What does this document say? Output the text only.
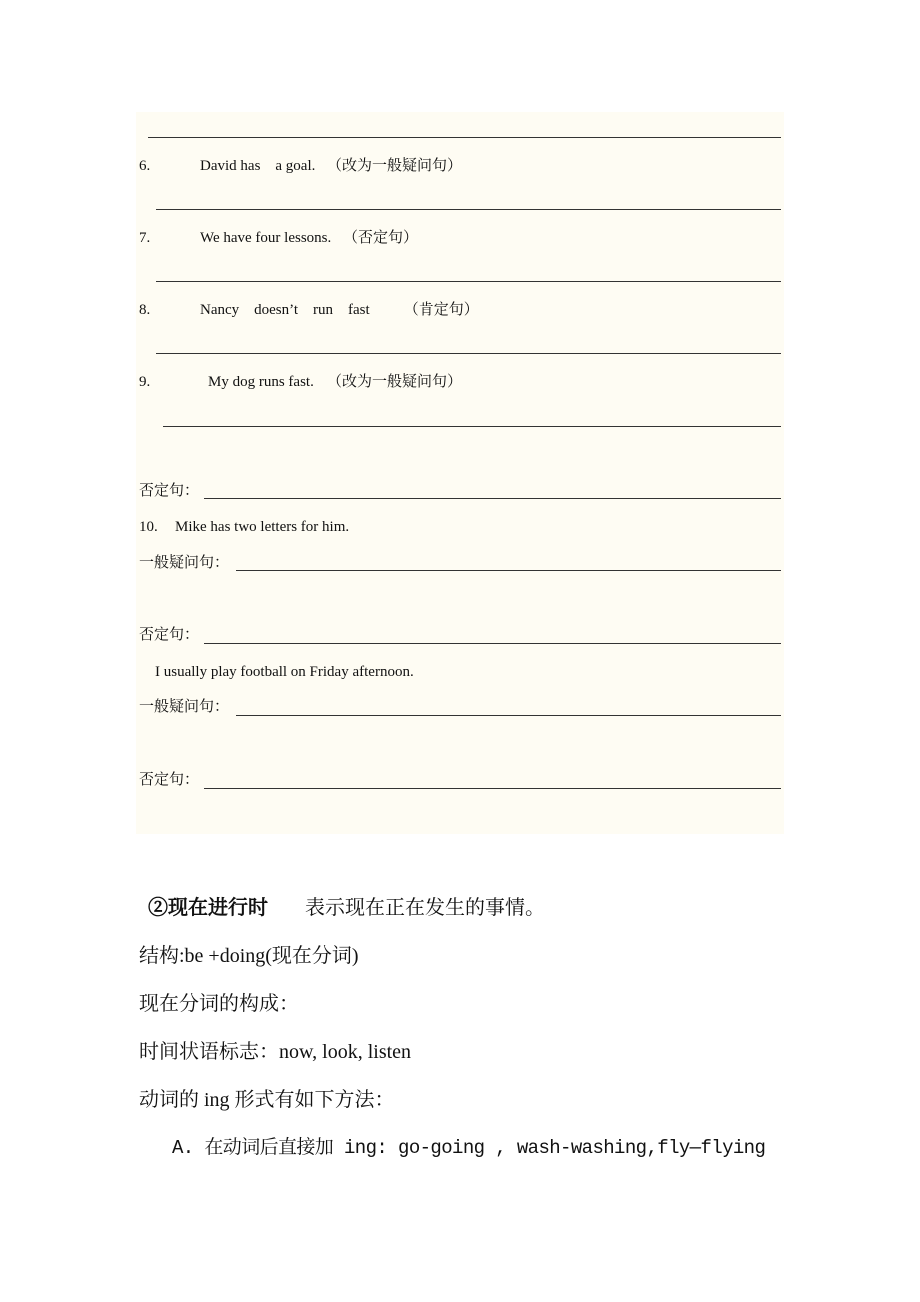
6.	David has    a goal. （改为一般疑问句）
7.	We have four lessons. （否定句）
8.	Nancy    doesn’t    run    fast （肯定句）
9.	My dog runs fast. （改为一般疑问句）
否定句：
10. Mike has two letters for him.
一般疑问句：
否定句：
I usually play football on Friday afternoon.
一般疑问句：
否定句：
②现在进行时 表示现在正在发生的事情。
结构:be +doing(现在分词)
现在分词的构成：
时间状语标志：now, look, listen
动词的 ing 形式有如下方法：
A. 在动词后直接加 ing: go-going , wash-washing,fly—flying
